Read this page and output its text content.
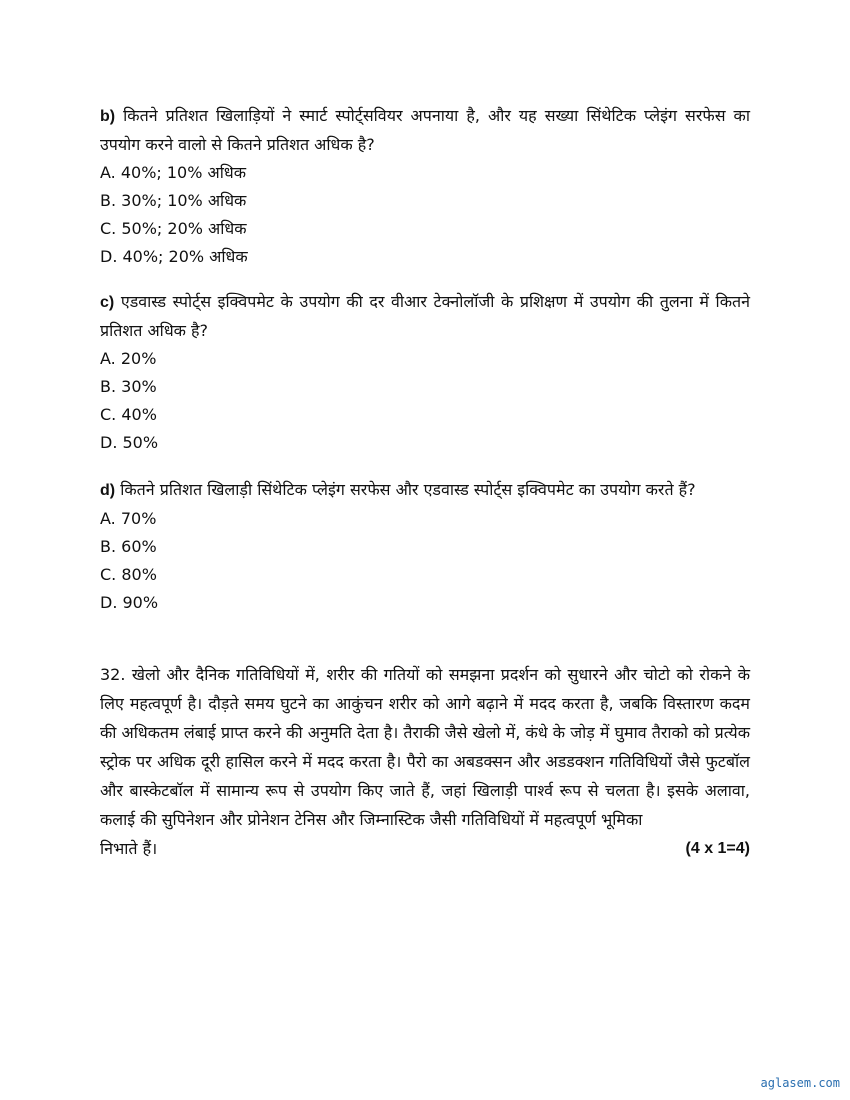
b) कितने प्रतिशत खिलाड़ियों ने स्मार्ट स्पोर्ट्सवियर अपनाया है, और यह सख्या सिंथेटिक प्लेइंग सरफेस का उपयोग करने वालो से कितने प्रतिशत अधिक है?

A. 40%; 10% अधिक
B. 30%; 10% अधिक
C. 50%; 20% अधिक
D. 40%; 20% अधिक

c) एडवास्ड स्पोर्ट्स इक्विपमेट के उपयोग की दर वीआर टेक्नोलॉजी के प्रशिक्षण में उपयोग की तुलना में कितने प्रतिशत अधिक है?

A. 20%
B. 30%
C. 40%
D. 50%

d) कितने प्रतिशत खिलाड़ी सिंथेटिक प्लेइंग सरफेस और एडवास्ड स्पोर्ट्स इक्विपमेट का उपयोग करते हैं?

A. 70%
B. 60%
C. 80%
D. 90%
32. खेलो और दैनिक गतिविधियों में, शरीर की गतियों को समझना प्रदर्शन को सुधारने और चोटो को रोकने के लिए महत्वपूर्ण है। दौड़ते समय घुटने का आकुंचन शरीर को आगे बढ़ाने में मदद करता है, जबकि विस्तारण कदम की अधिकतम लंबाई प्राप्त करने की अनुमति देता है। तैराकी जैसे खेलो में, कंधे के जोड़ में घुमाव तैराको को प्रत्येक स्ट्रोक पर अधिक दूरी हासिल करने में मदद करता है। पैरो का अबडक्सन और अडडक्शन गतिविधियों जैसे फुटबॉल और बास्केटबॉल में सामान्य रूप से उपयोग किए जाते हैं, जहां खिलाड़ी पार्श्व रूप से चलता है। इसके अलावा, कलाई की सुपिनेशन और प्रोनेशन टेनिस और जिम्नास्टिक जैसी गतिविधियों में महत्वपूर्ण भूमिका
निभाते हैं।	(4 x 1=4)
aglasem.com
